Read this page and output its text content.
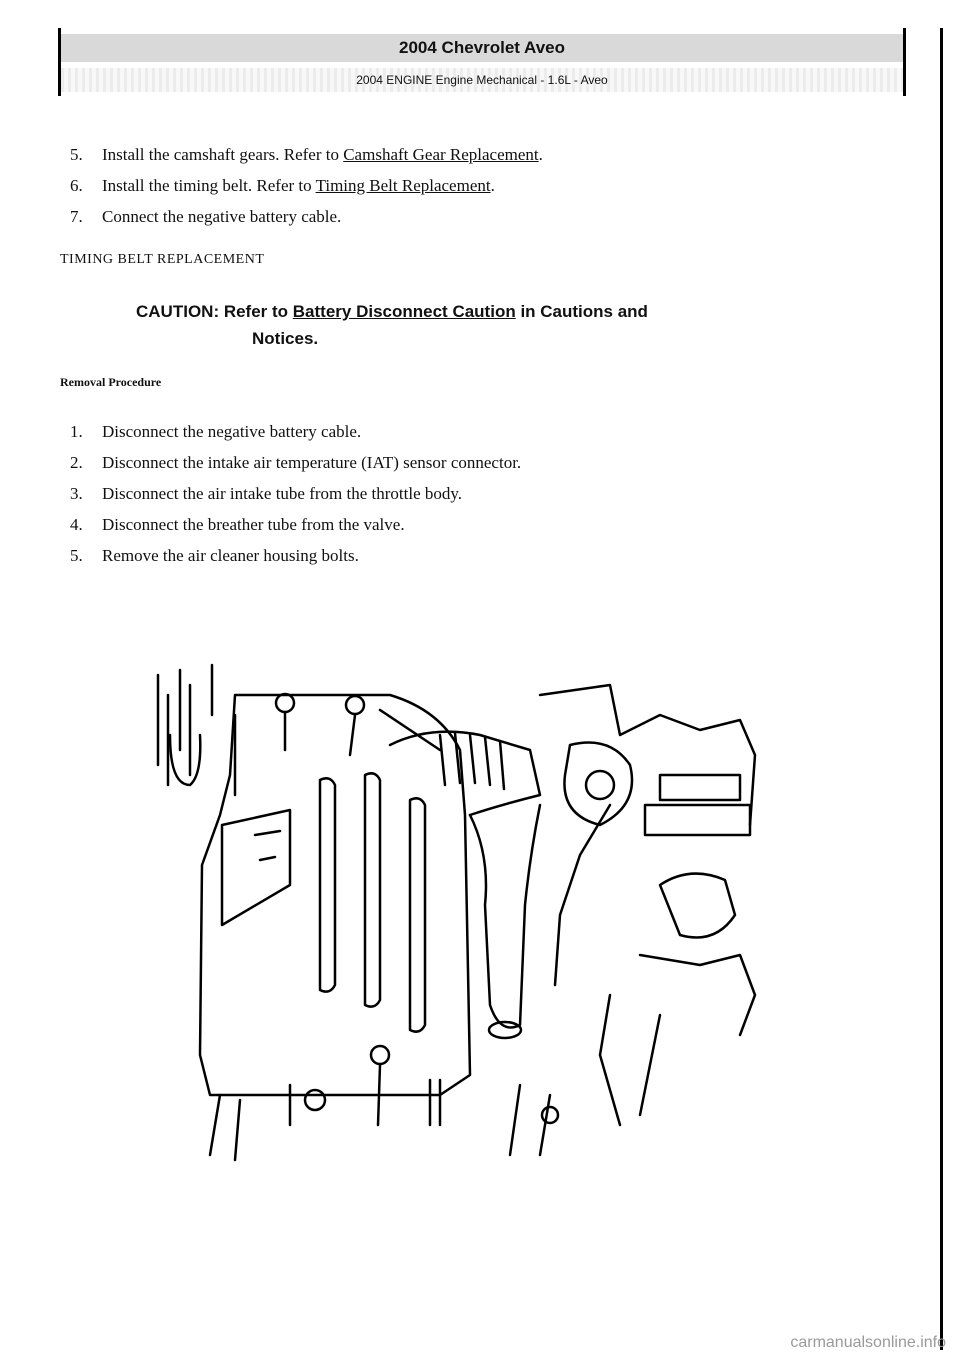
2004 Chevrolet Aveo
2004 ENGINE Engine Mechanical - 1.6L - Aveo
5. Install the camshaft gears. Refer to Camshaft Gear Replacement.
6. Install the timing belt. Refer to Timing Belt Replacement.
7. Connect the negative battery cable.
TIMING BELT REPLACEMENT
CAUTION: Refer to Battery Disconnect Caution in Cautions and
Notices.
Removal Procedure
1. Disconnect the negative battery cable.
2. Disconnect the intake air temperature (IAT) sensor connector.
3. Disconnect the air intake tube from the throttle body.
4. Disconnect the breather tube from the valve.
5. Remove the air cleaner housing bolts.
carmanualsonline.info
